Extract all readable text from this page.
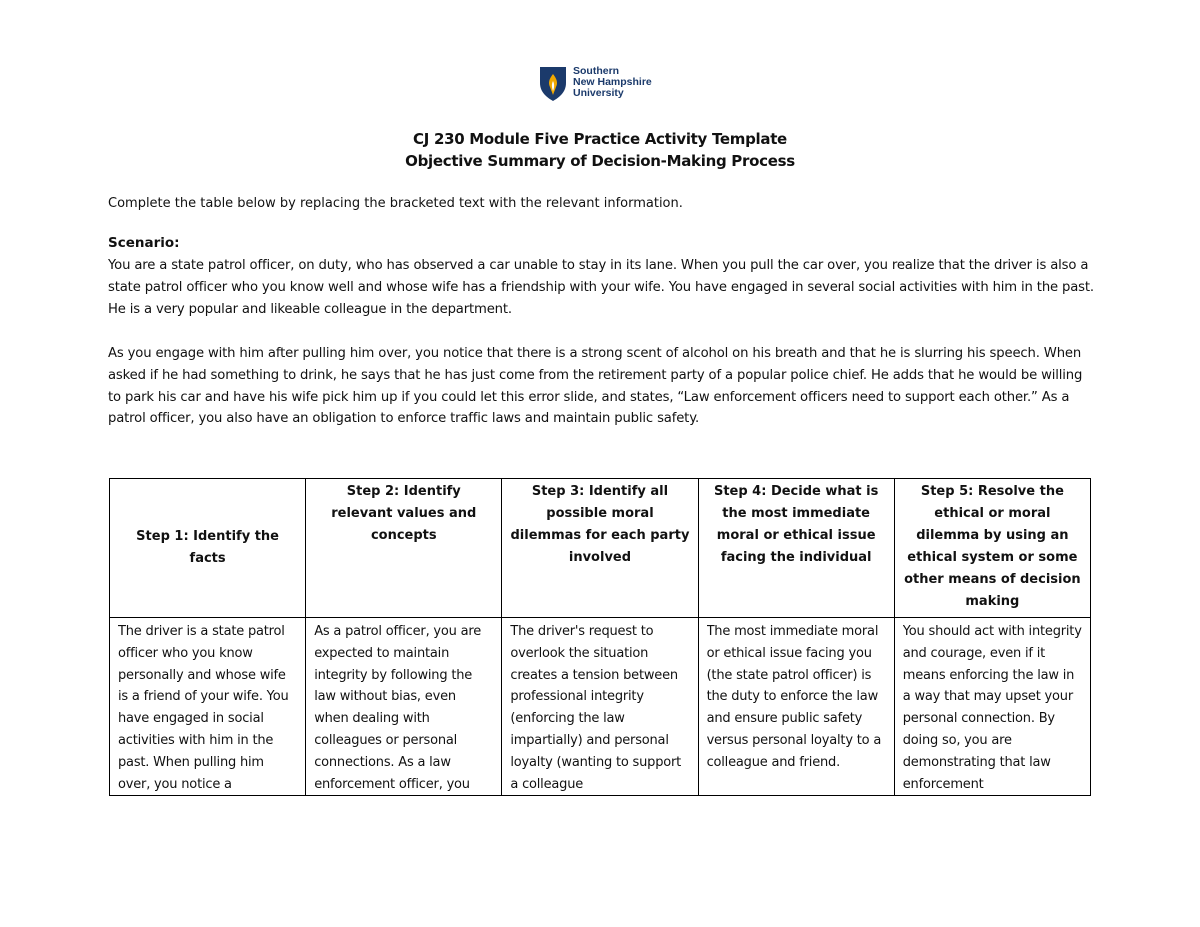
Southern
New Hampshire
University
CJ 230 Module Five Practice Activity Template
Objective Summary of Decision-Making Process
Complete the table below by replacing the bracketed text with the relevant information.
Scenario:
You are a state patrol officer, on duty, who has observed a car unable to stay in its lane. When you pull the car over, you realize that the driver is also a state patrol officer who you know well and whose wife has a friendship with your wife. You have engaged in several social activities with him in the past. He is a very popular and likeable colleague in the department.
As you engage with him after pulling him over, you notice that there is a strong scent of alcohol on his breath and that he is slurring his speech. When asked if he had something to drink, he says that he has just come from the retirement party of a popular police chief. He adds that he would be willing to park his car and have his wife pick him up if you could let this error slide, and states, “Law enforcement officers need to support each other.” As a patrol officer, you also have an obligation to enforce traffic laws and maintain public safety.
Step 1: Identify the facts	Step 2: Identify relevant values and concepts	Step 3: Identify all possible moral dilemmas for each party involved	Step 4: Decide what is the most immediate moral or ethical issue facing the individual	Step 5: Resolve the ethical or moral dilemma by using an ethical system or some other means of decision making

The driver is a state patrol officer who you know personally and whose wife is a friend of your wife. You have engaged in social activities with him in the past. When pulling him over, you notice a	As a patrol officer, you are expected to maintain integrity by following the law without bias, even when dealing with colleagues or personal connections. As a law enforcement officer, you	The driver's request to overlook the situation creates a tension between professional integrity (enforcing the law impartially) and personal loyalty (wanting to support a colleague	The most immediate moral or ethical issue facing you (the state patrol officer) is the duty to enforce the law and ensure public safety versus personal loyalty to a colleague and friend.	You should act with integrity and courage, even if it means enforcing the law in a way that may upset your personal connection. By doing so, you are demonstrating that law enforcement
